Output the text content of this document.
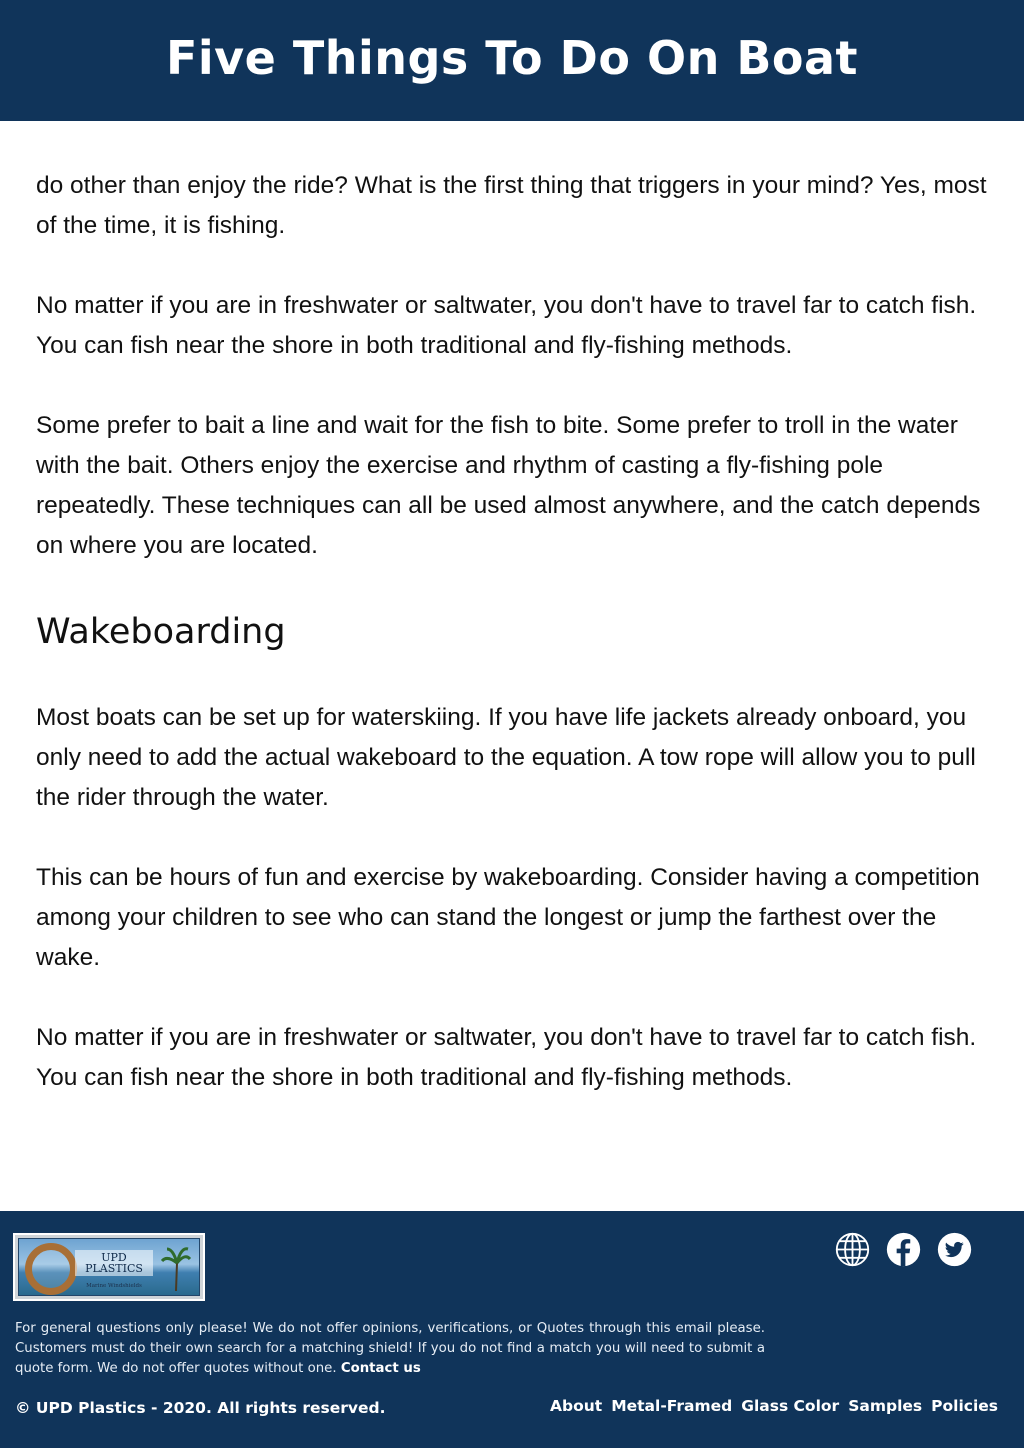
Five Things To Do On Boat

do other than enjoy the ride? What is the first thing that triggers in your mind? Yes, most of the time, it is fishing.

No matter if you are in freshwater or saltwater, you don't have to travel far to catch fish. You can fish near the shore in both traditional and fly-fishing methods.

Some prefer to bait a line and wait for the fish to bite. Some prefer to troll in the water with the bait. Others enjoy the exercise and rhythm of casting a fly-fishing pole repeatedly. These techniques can all be used almost anywhere, and the catch depends on where you are located.

Wakeboarding

Most boats can be set up for waterskiing. If you have life jackets already onboard, you only need to add the actual wakeboard to the equation. A tow rope will allow you to pull the rider through the water.

This can be hours of fun and exercise by wakeboarding. Consider having a competition among your children to see who can stand the longest or jump the farthest over the wake.

No matter if you are in freshwater or saltwater, you don't have to travel far to catch fish. You can fish near the shore in both traditional and fly-fishing methods.

UPD
PLASTICS
Marine Windshields

For general questions only please! We do not offer opinions, verifications, or Quotes through this email please. Customers must do their own search for a matching shield! If you do not find a match you will need to submit a quote form. We do not offer quotes without one. Contact us

© UPD Plastics - 2020. All rights reserved.	About Metal-Framed Glass Color Samples Policies
